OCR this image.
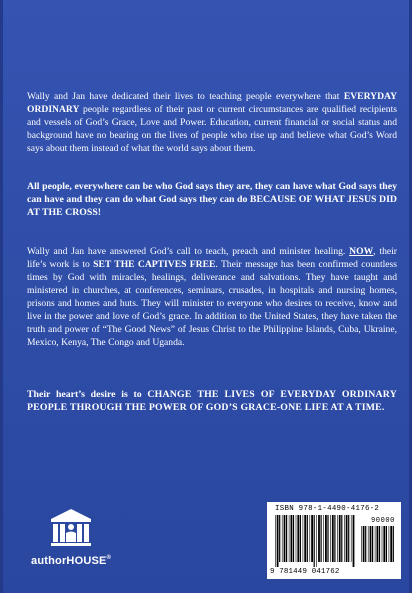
Wally and Jan have dedicated their lives to teaching people everywhere that EVERYDAY ORDINARY people regardless of their past or current circumstances are qualified recipients and vessels of God’s Grace, Love and Power. Education, current financial or social status and background have no bearing on the lives of people who rise up and believe what God’s Word says about them instead of what the world says about them.
All people, everywhere can be who God says they are, they can have what God says they can have and they can do what God says they can do BECAUSE OF WHAT JESUS DID AT THE CROSS!
Wally and Jan have answered God’s call to teach, preach and minister healing. NOW, their life’s work is to SET THE CAPTIVES FREE. Their message has been confirmed countless times by God with miracles, healings, deliverance and salvations. They have taught and ministered in churches, at conferences, seminars, crusades, in hospitals and nursing homes, prisons and homes and huts. They will minister to everyone who desires to receive, know and live in the power and love of God’s grace. In addition to the United States, they have taken the truth and power of “The Good News” of Jesus Christ to the Philippine Islands, Cuba, Ukraine, Mexico, Kenya, The Congo and Uganda.
Their heart’s desire is to CHANGE THE LIVES OF EVERYDAY ORDINARY PEOPLE THROUGH THE POWER OF GOD’S GRACE-ONE LIFE AT A TIME.
authorHOUSE®
ISBN 978-1-4490-4176-2
90000
9 781449 041762
